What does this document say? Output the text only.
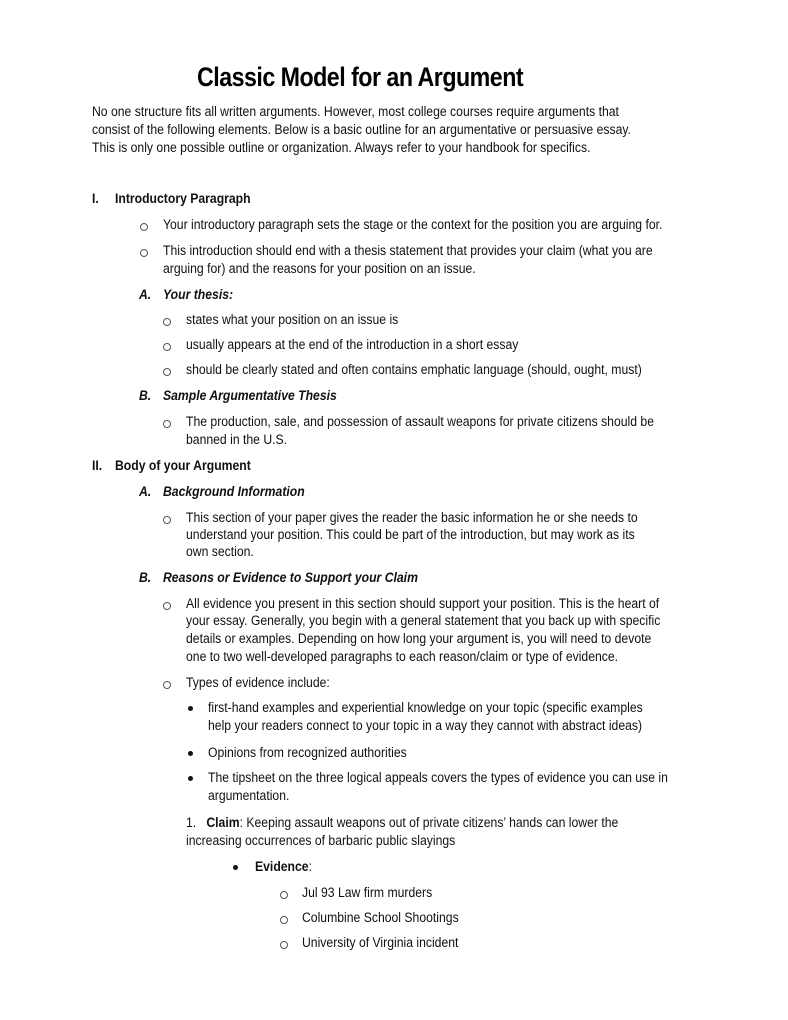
Classic Model for an Argument
No one structure fits all written arguments. However, most college courses require arguments that
consist of the following elements. Below is a basic outline for an argumentative or persuasive essay.
This is only one possible outline or organization. Always refer to your handbook for specifics.
I. Introductory Paragraph
Your introductory paragraph sets the stage or the context for the position you are arguing for.
This introduction should end with a thesis statement that provides your claim (what you are
arguing for) and the reasons for your position on an issue.
A. Your thesis:
states what your position on an issue is
usually appears at the end of the introduction in a short essay
should be clearly stated and often contains emphatic language (should, ought, must)
B. Sample Argumentative Thesis
The production, sale, and possession of assault weapons for private citizens should be
banned in the U.S.
II. Body of your Argument
A. Background Information
This section of your paper gives the reader the basic information he or she needs to
understand your position. This could be part of the introduction, but may work as its
own section.
B. Reasons or Evidence to Support your Claim
All evidence you present in this section should support your position. This is the heart of
your essay. Generally, you begin with a general statement that you back up with specific
details or examples. Depending on how long your argument is, you will need to devote
one to two well-developed paragraphs to each reason/claim or type of evidence.
Types of evidence include:
first-hand examples and experiential knowledge on your topic (specific examples
help your readers connect to your topic in a way they cannot with abstract ideas)
Opinions from recognized authorities
The tipsheet on the three logical appeals covers the types of evidence you can use in
argumentation.
1. Claim: Keeping assault weapons out of private citizens’ hands can lower the
increasing occurrences of barbaric public slayings
Evidence:
Jul 93 Law firm murders
Columbine School Shootings
University of Virginia incident
